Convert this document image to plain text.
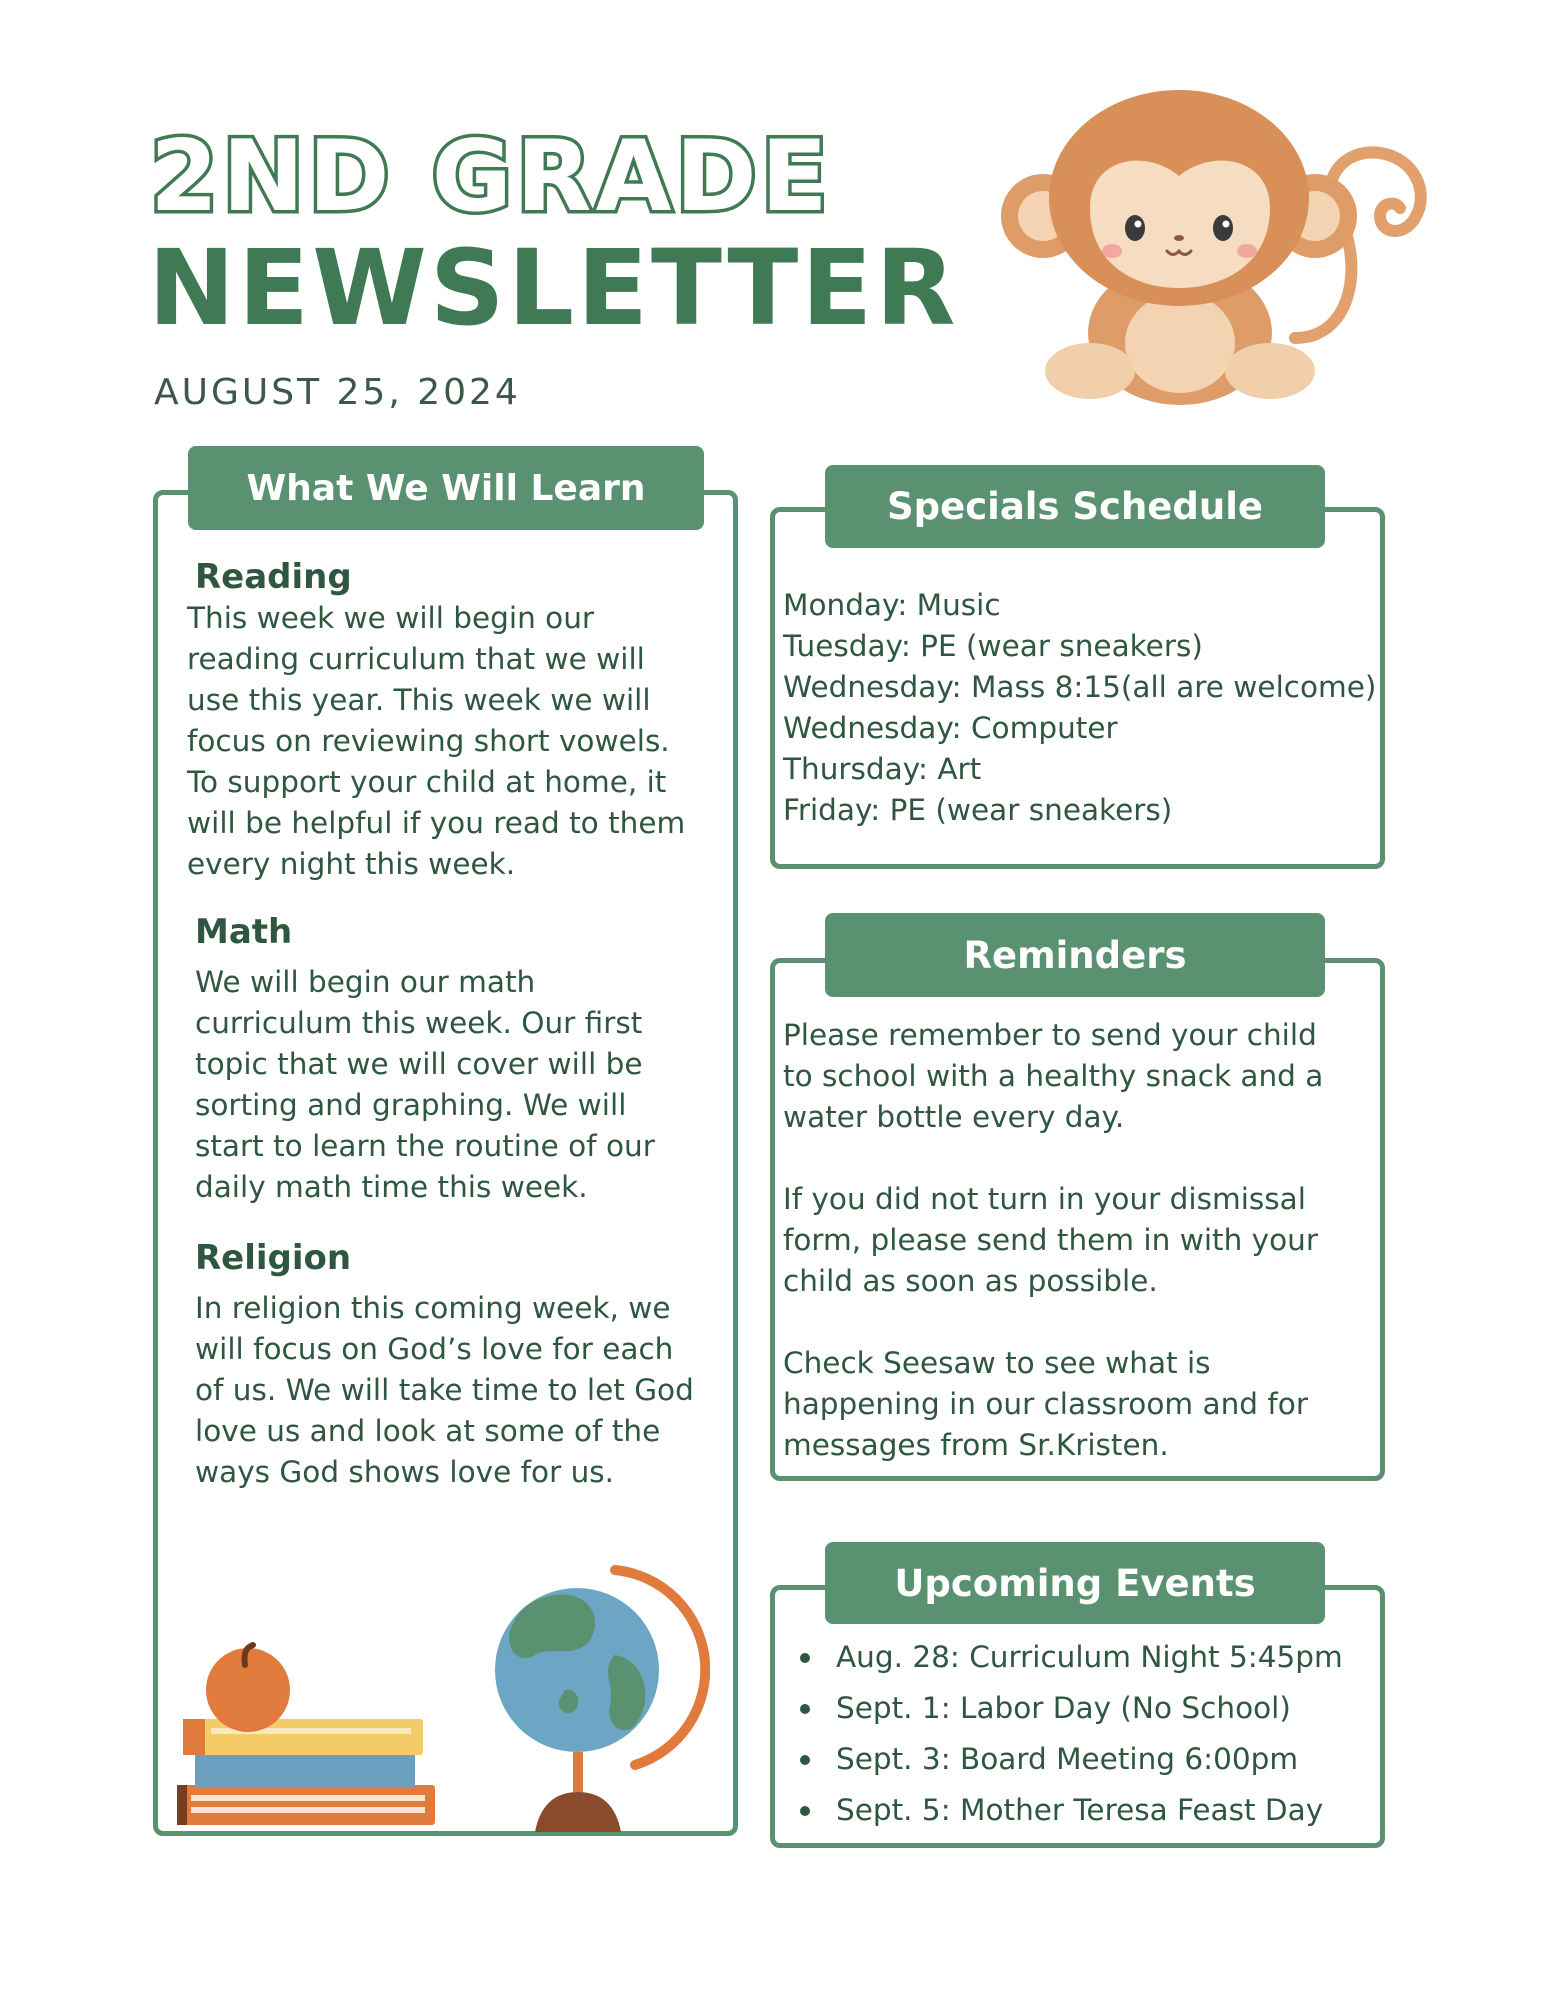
2ND GRADE
NEWSLETTER
AUGUST 25, 2024
What We Will Learn
Reading
This week we will begin our
reading curriculum that we will
use this year. This week we will
focus on reviewing short vowels.
To support your child at home, it
will be helpful if you read to them
every night this week.
Math
We will begin our math
curriculum this week. Our first
topic that we will cover will be
sorting and graphing. We will
start to learn the routine of our
daily math time this week.
Religion
In religion this coming week, we
will focus on God’s love for each
of us. We will take time to let God
love us and look at some of the
ways God shows love for us.
Specials Schedule
Monday: Music
Tuesday: PE (wear sneakers)
Wednesday: Mass 8:15(all are welcome)
Wednesday: Computer
Thursday: Art
Friday: PE (wear sneakers)
Reminders
Please remember to send your child
to school with a healthy snack and a
water bottle every day.

If you did not turn in your dismissal
form, please send them in with your
child as soon as possible.

Check Seesaw to see what is
happening in our classroom and for
messages from Sr.Kristen.
Upcoming Events
Aug. 28: Curriculum Night 5:45pm
Sept. 1: Labor Day (No School)
Sept. 3: Board Meeting 6:00pm
Sept. 5: Mother Teresa Feast Day
